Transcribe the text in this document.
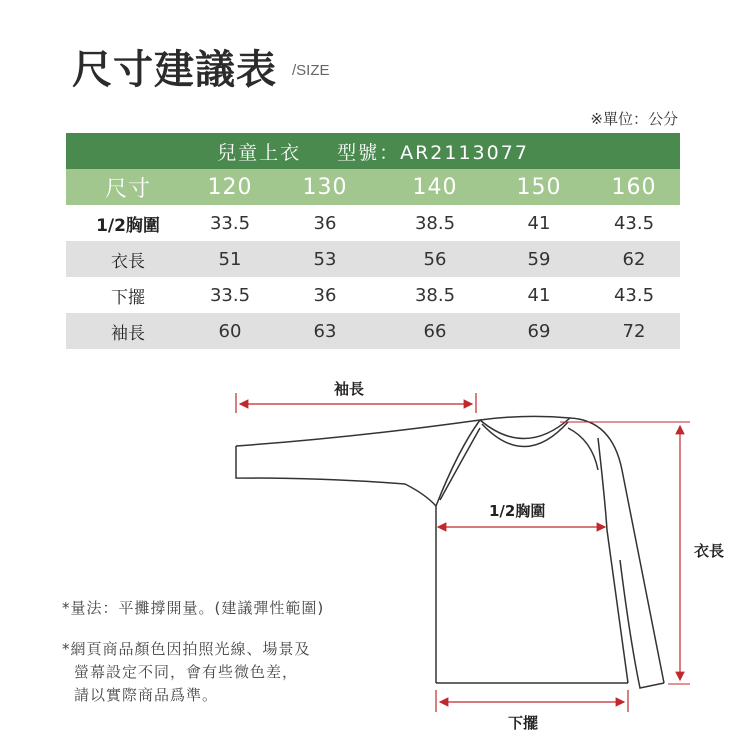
尺寸建議表 /SIZE
※單位：公分
兒童上衣 型號：AR2113077
尺寸	120	130	140	150	160
1/2胸圍	33.5	36	38.5	41	43.5
衣長	51	53	56	59	62
下擺	33.5	36	38.5	41	43.5
袖長	60	63	66	69	72
袖長
1/2胸圍
衣長
下擺
*量法：平攤撐開量。(建議彈性範圍)
*網頁商品顏色因拍照光線、場景及
螢幕設定不同，會有些微色差，
請以實際商品爲準。
